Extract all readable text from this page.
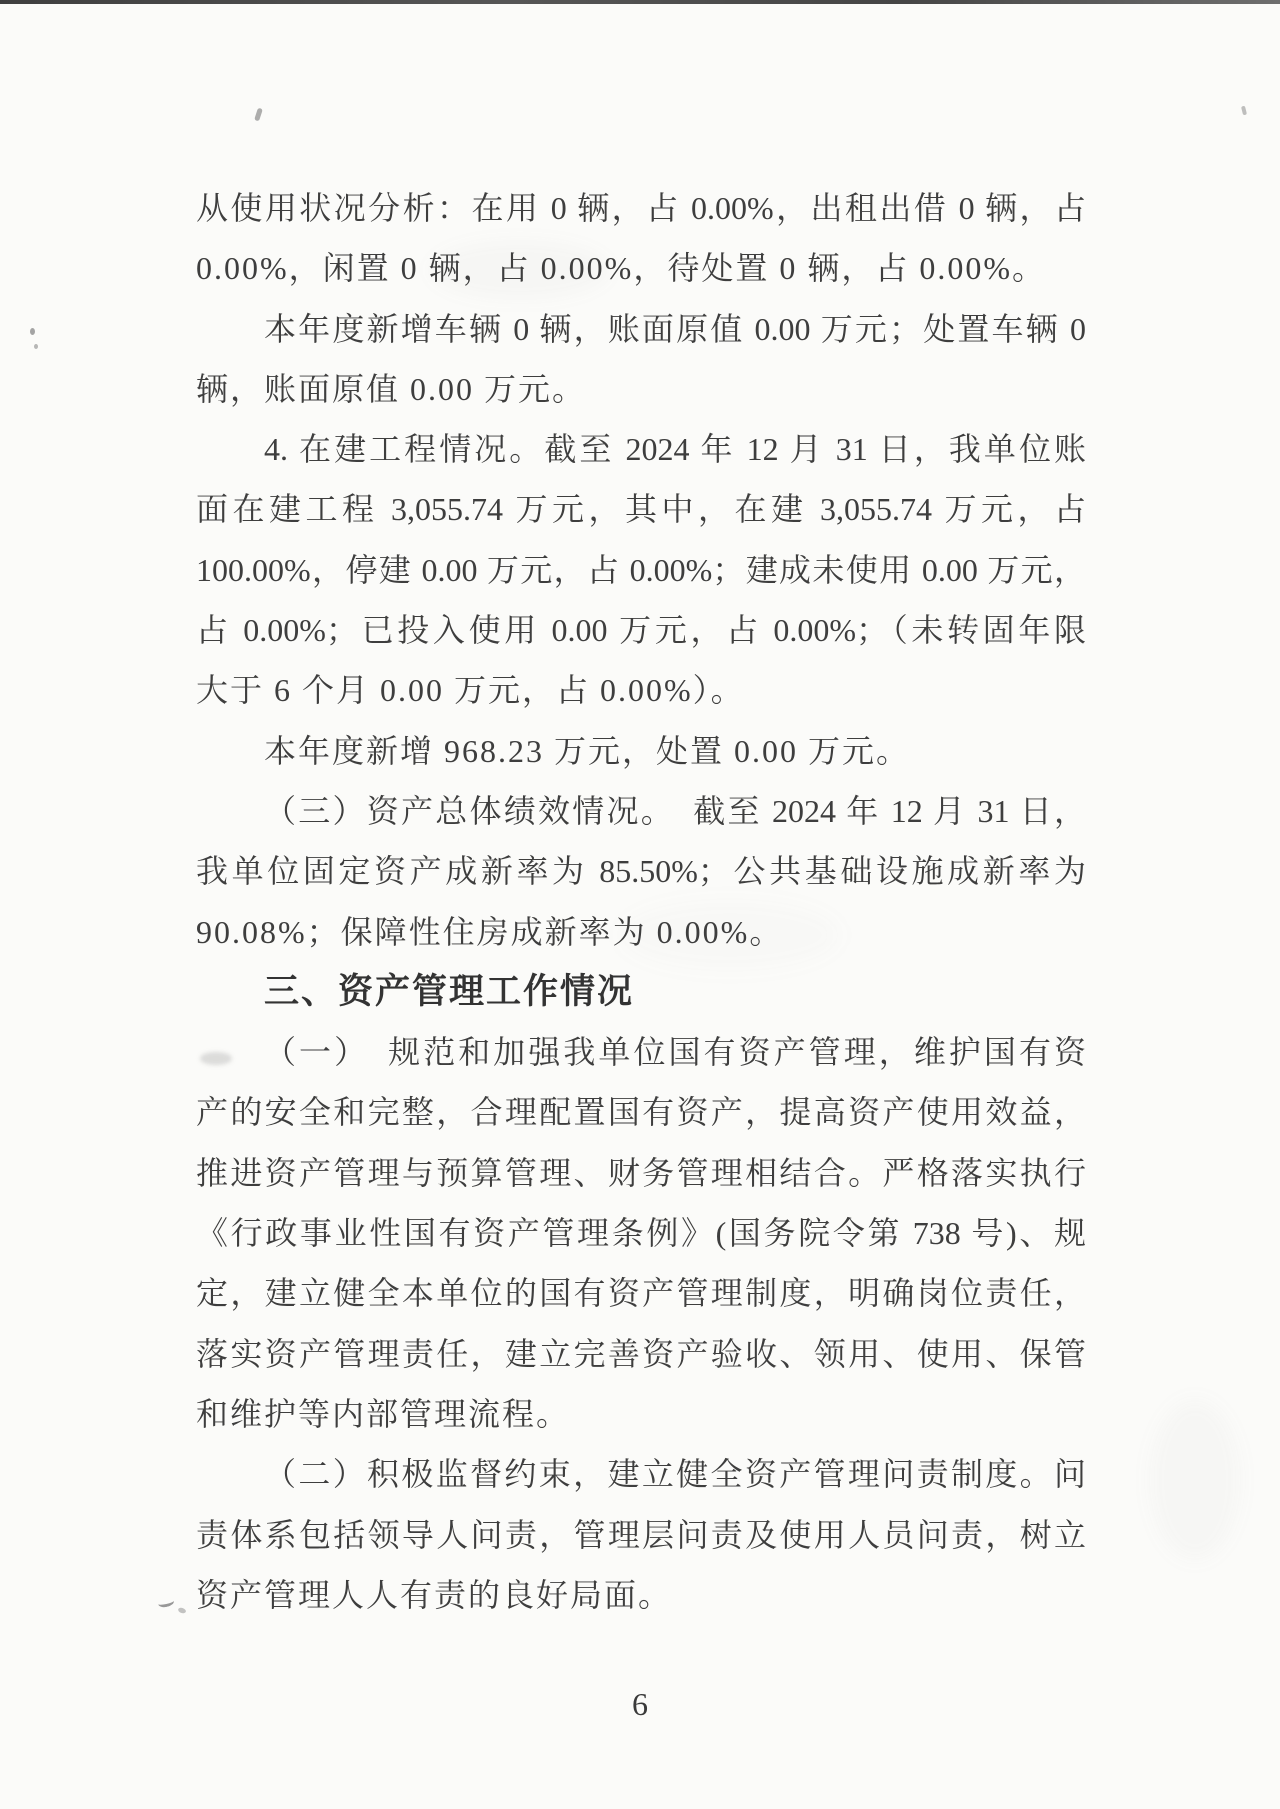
从使用状况分析：在用 0 辆，占 0.00%，出租出借 0 辆，占
0.00%，闲置 0 辆，占 0.00%，待处置 0 辆，占 0.00%。
本年度新增车辆 0 辆，账面原值 0.00 万元；处置车辆 0
辆，账面原值 0.00 万元。
4. 在建工程情况。截至 2024 年 12 月 31 日，我单位账
面在建工程 3,055.74 万元，其中，在建 3,055.74 万元，占
100.00%，停建 0.00 万元，占 0.00%；建成未使用 0.00 万元，
占 0.00%；已投入使用 0.00 万元，占 0.00%；（未转固年限
大于 6 个月 0.00 万元，占 0.00%）。
本年度新增 968.23 万元，处置 0.00 万元。
（三）资产总体绩效情况。　截至 2024 年 12 月 31 日，
我单位固定资产成新率为 85.50%；公共基础设施成新率为
90.08%；保障性住房成新率为 0.00%。
三、资产管理工作情况
（一）　规范和加强我单位国有资产管理，维护国有资
产的安全和完整，合理配置国有资产，提高资产使用效益，
推进资产管理与预算管理、财务管理相结合。严格落实执行
《行政事业性国有资产管理条例》(国务院令第 738 号)、规
定，建立健全本单位的国有资产管理制度，明确岗位责任，
落实资产管理责任，建立完善资产验收、领用、使用、保管
和维护等内部管理流程。
（二）积极监督约束，建立健全资产管理问责制度。问
责体系包括领导人问责，管理层问责及使用人员问责，树立
资产管理人人有责的良好局面。
6
